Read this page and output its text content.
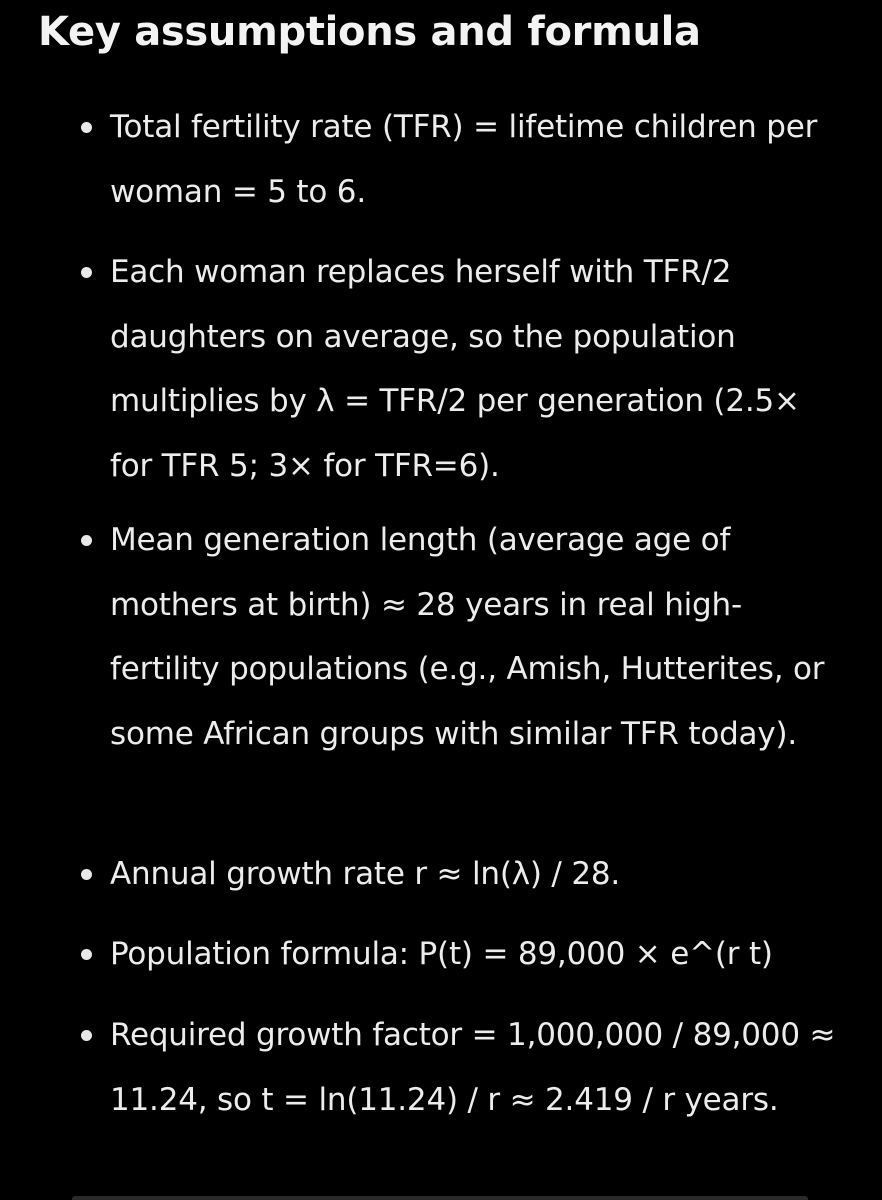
Key assumptions and formula
Total fertility rate (TFR) = lifetime children per woman = 5 to 6.
Each woman replaces herself with TFR/2 daughters on average, so the population multiplies by λ = TFR/2 per generation (2.5× for TFR 5; 3× for TFR=6).
Mean generation length (average age of mothers at birth) ≈ 28 years in real high-fertility populations (e.g., Amish, Hutterites, or some African groups with similar TFR today).
Annual growth rate r ≈ ln(λ) / 28.
Population formula: P(t) = 89,000 × e^(r t)
Required growth factor = 1,000,000 / 89,000 ≈ 11.24, so t = ln(11.24) / r ≈ 2.419 / r years.
